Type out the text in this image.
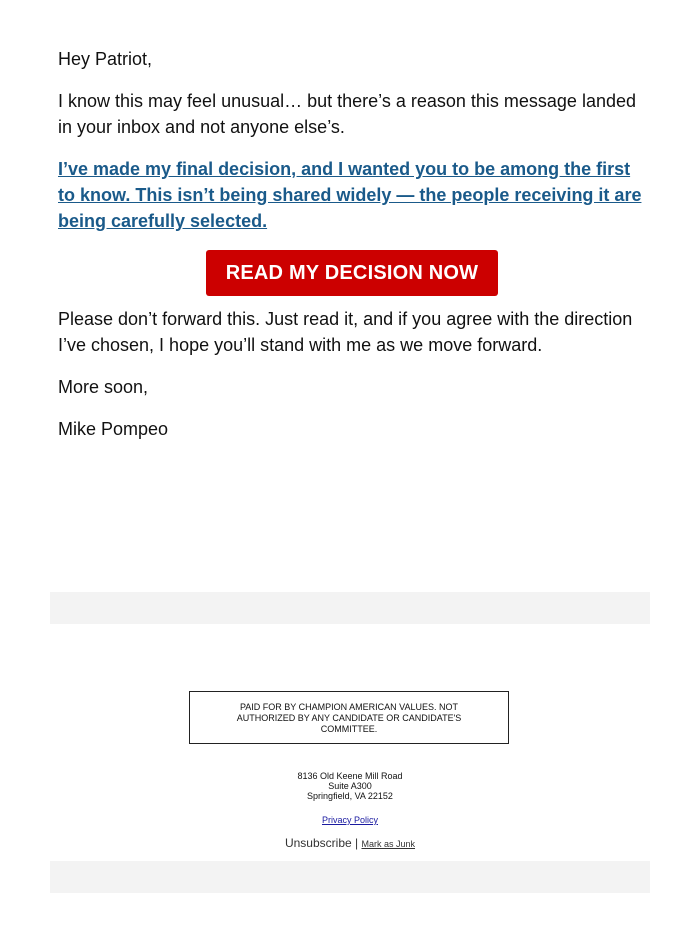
Hey Patriot,

I know this may feel unusual… but there’s a reason this message landed in your inbox and not anyone else’s.

I’ve made my final decision, and I wanted you to be among the first to know. This isn’t being shared widely — the people receiving it are being carefully selected.
READ MY DECISION NOW

Please don’t forward this. Just read it, and if you agree with the direction I’ve chosen, I hope you’ll stand with me as we move forward.

More soon,

Mike Pompeo

PAID FOR BY CHAMPION AMERICAN VALUES. NOT AUTHORIZED BY ANY CANDIDATE OR CANDIDATE'S COMMITTEE.
8136 Old Keene Mill Road
Suite A300
Springfield, VA 22152
Privacy Policy
Unsubscribe | Mark as Junk
